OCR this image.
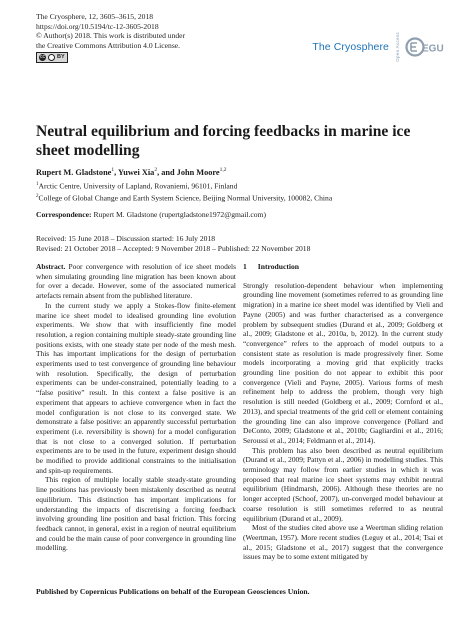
The Cryosphere, 12, 3605–3615, 2018
https://doi.org/10.5194/tc-12-3605-2018
© Author(s) 2018. This work is distributed under
the Creative Commons Attribution 4.0 License.
cc BY
The Cryosphere Open Access EGU
Neutral equilibrium and forcing feedbacks in marine ice sheet modelling
Rupert M. Gladstone$^1$, Yuwei Xia$^2$, and John Moore$^{1,2}$
$^1$Arctic Centre, University of Lapland, Rovaniemi, 96101, Finland
$^2$College of Global Change and Earth System Science, Beijing Normal University, 100082, China
Correspondence: Rupert M. Gladstone (rupertgladstone1972@gmail.com)
Received: 15 June 2018 – Discussion started: 16 July 2018
Revised: 21 October 2018 – Accepted: 9 November 2018 – Published: 22 November 2018

Abstract. Poor convergence with resolution of ice sheet models when simulating grounding line migration has been known about for over a decade. However, some of the associated numerical artefacts remain absent from the published literature.

In the current study we apply a Stokes-flow finite-element marine ice sheet model to idealised grounding line evolution experiments. We show that with insufficiently fine model resolution, a region containing multiple steady-state grounding line positions exists, with one steady state per node of the mesh mesh. This has important implications for the design of perturbation experiments used to test convergence of grounding line behaviour with resolution. Specifically, the design of perturbation experiments can be under-constrained, potentially leading to a “false positive” result. In this context a false positive is an experiment that appears to achieve convergence when in fact the model configuration is not close to its converged state. We demonstrate a false positive: an apparently successful perturbation experiment (i.e. reversibility is shown) for a model configuration that is not close to a converged solution. If perturbation experiments are to be used in the future, experiment design should be modified to provide additional constraints to the initialisation and spin-up requirements.

This region of multiple locally stable steady-state grounding line positions has previously been mistakenly described as neutral equilibrium. This distinction has important implications for understanding the impacts of discretising a forcing feedback involving grounding line position and basal friction. This forcing feedback cannot, in general, exist in a region of neutral equilibrium and could be the main cause of poor convergence in grounding line modelling.

1 Introduction

Strongly resolution-dependent behaviour when implementing grounding line movement (sometimes referred to as grounding line migration) in a marine ice sheet model was identified by Vieli and Payne (2005) and was further characterised as a convergence problem by subsequent studies (Durand et al., 2009; Goldberg et al., 2009; Gladstone et al., 2010a, b, 2012). In the current study “convergence” refers to the approach of model outputs to a consistent state as resolution is made progressively finer. Some models incorporating a moving grid that explicitly tracks grounding line position do not appear to exhibit this poor convergence (Vieli and Payne, 2005). Various forms of mesh refinement help to address the problem, though very high resolution is still needed (Goldberg et al., 2009; Cornford et al., 2013), and special treatments of the grid cell or element containing the grounding line can also improve convergence (Pollard and DeConto, 2009; Gladstone et al., 2010b; Gagliardini et al., 2016; Seroussi et al., 2014; Feldmann et al., 2014).

This problem has also been described as neutral equilibrium (Durand et al., 2009; Pattyn et al., 2006) in modelling studies. This terminology may follow from earlier studies in which it was proposed that real marine ice sheet systems may exhibit neutral equilibrium (Hindmarsh, 2006). Although these theories are no longer accepted (Schoof, 2007), un-converged model behaviour at coarse resolution is still sometimes referred to as neutral equilibrium (Durand et al., 2009).

Most of the studies cited above use a Weertman sliding relation (Weertman, 1957). More recent studies (Leguy et al., 2014; Tsai et al., 2015; Gladstone et al., 2017) suggest that the convergence issues may be to some extent mitigated by

Published by Copernicus Publications on behalf of the European Geosciences Union.
